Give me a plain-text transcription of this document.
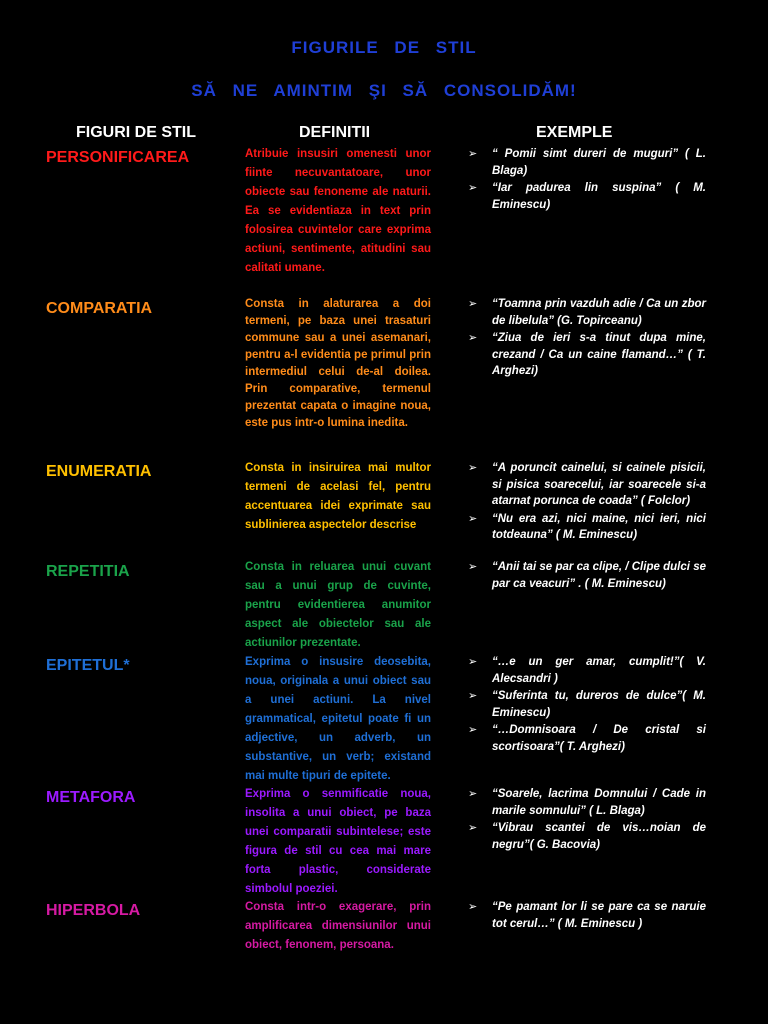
FIGURILE DE STIL
SĂ NE AMINTIM ŞI SĂ CONSOLIDĂM!
FIGURI DE STIL	DEFINITII	EXEMPLE
PERSONIFICAREA	Atribuie insusiri omenesti unor fiinte necuvantatoare, unor obiecte sau fenoneme ale naturii. Ea se evidentiaza in text prin folosirea cuvintelor care exprima actiuni, sentimente, atitudini sau calitati umane.
➢ “ Pomii simt dureri de muguri” ( L. Blaga)
➢ “Iar padurea lin suspina” ( M. Eminescu)
COMPARATIA	Consta in alaturarea a doi termeni, pe baza unei trasaturi commune sau a unei asemanari, pentru a-l evidentia pe primul prin intermediul celui de-al doilea. Prin comparative, termenul prezentat capata o imagine noua, este pus intr-o lumina inedita.
➢ “Toamna prin vazduh adie / Ca un zbor de libelula” (G. Topirceanu)
➢ “Ziua de ieri s-a tinut dupa mine, crezand / Ca un caine flamand…” ( T. Arghezi)
ENUMERATIA	Consta in insiruirea mai multor termeni de acelasi fel, pentru accentuarea idei exprimate sau sublinierea aspectelor descrise
➢ “A poruncit cainelui, si cainele pisicii, si pisica soarecelui, iar soarecele si-a atarnat porunca de coada” ( Folclor)
➢ “Nu era azi, nici maine, nici ieri, nici totdeauna” ( M. Eminescu)
REPETITIA	Consta in reluarea unui cuvant sau a unui grup de cuvinte, pentru evidentierea anumitor aspect ale obiectelor sau ale actiunilor prezentate.
➢ “Anii tai se par ca clipe, / Clipe dulci se par ca veacuri” . ( M. Eminescu)
EPITETUL*	Exprima o insusire deosebita, noua, originala a unui obiect sau a unei actiuni. La nivel grammatical, epitetul poate fi un adjective, un adverb, un substantive, un verb; existand mai multe tipuri de epitete.
➢ “…e un ger amar, cumplit!”( V. Alecsandri )
➢ “Suferinta tu, dureros de dulce”( M. Eminescu)
➢ “…Domnisoara / De cristal si scortisoara”( T. Arghezi)
METAFORA	Exprima o senmificatie noua, insolita a unui obiect, pe baza unei comparatii subintelese; este figura de stil cu cea mai mare forta plastic, considerate simbolul poeziei.
➢ “Soarele, lacrima Domnului / Cade in marile somnului” ( L. Blaga)
➢ “Vibrau scantei de vis…noian de negru”( G. Bacovia)
HIPERBOLA	Consta intr-o exagerare, prin amplificarea dimensiunilor unui obiect, fenonem, persoana.
➢ “Pe pamant lor li se pare ca se naruie tot cerul…” ( M. Eminescu )
